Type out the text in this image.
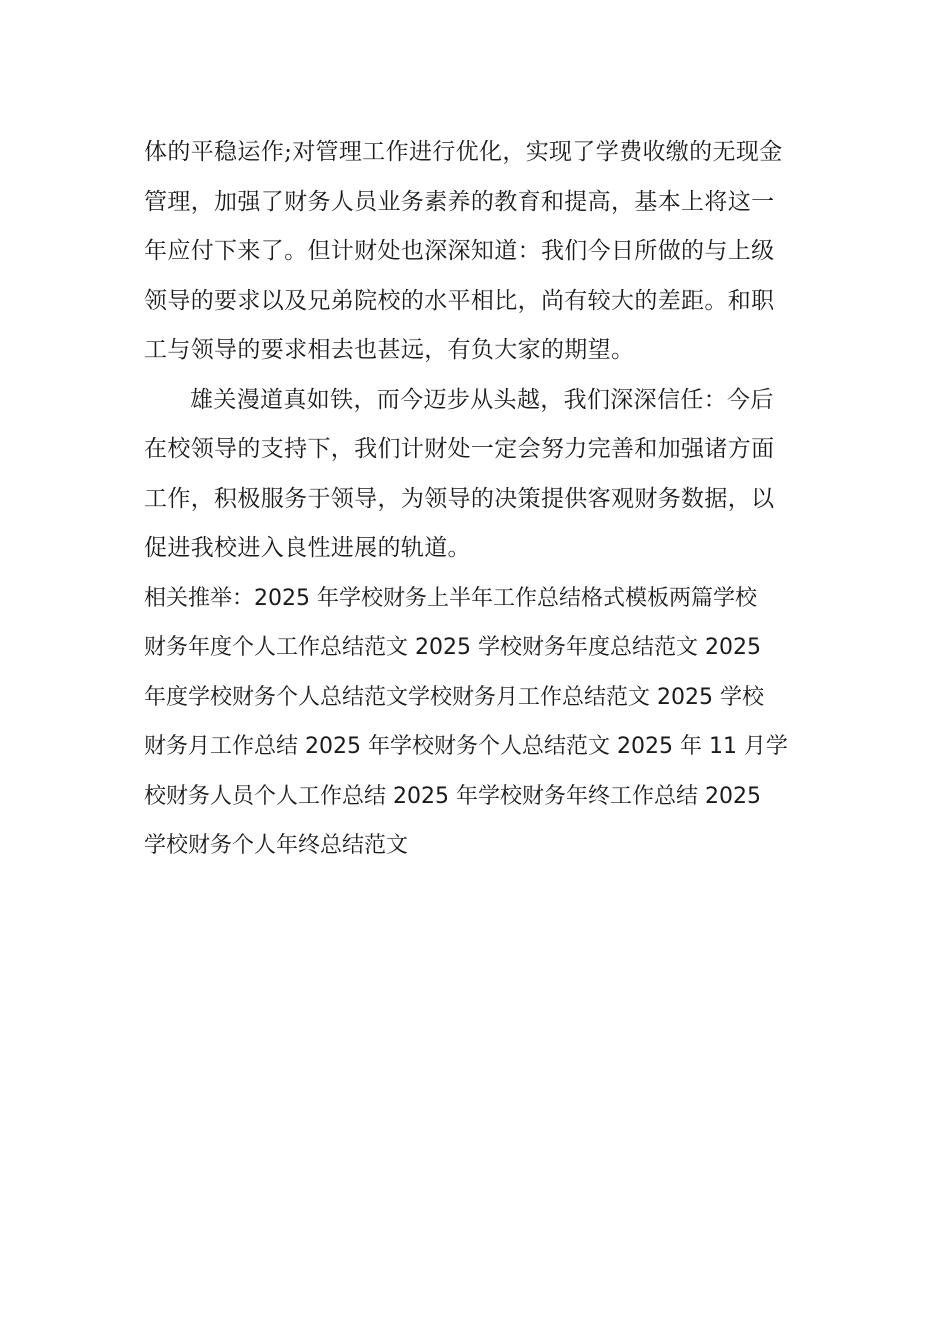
体的平稳运作;对管理工作进行优化，实现了学费收缴的无现金
管理，加强了财务人员业务素养的教育和提高，基本上将这一
年应付下来了。但计财处也深深知道：我们今日所做的与上级
领导的要求以及兄弟院校的水平相比，尚有较大的差距。和职
工与领导的要求相去也甚远，有负大家的期望。
雄关漫道真如铁，而今迈步从头越，我们深深信任：今后
在校领导的支持下，我们计财处一定会努力完善和加强诸方面
工作，积极服务于领导，为领导的决策提供客观财务数据，以
促进我校进入良性进展的轨道。
相关推举：2025 年学校财务上半年工作总结格式模板两篇学校
财务年度个人工作总结范文 2025 学校财务年度总结范文 2025
年度学校财务个人总结范文学校财务月工作总结范文 2025 学校
财务月工作总结 2025 年学校财务个人总结范文 2025 年 11 月学
校财务人员个人工作总结 2025 年学校财务年终工作总结 2025
学校财务个人年终总结范文
